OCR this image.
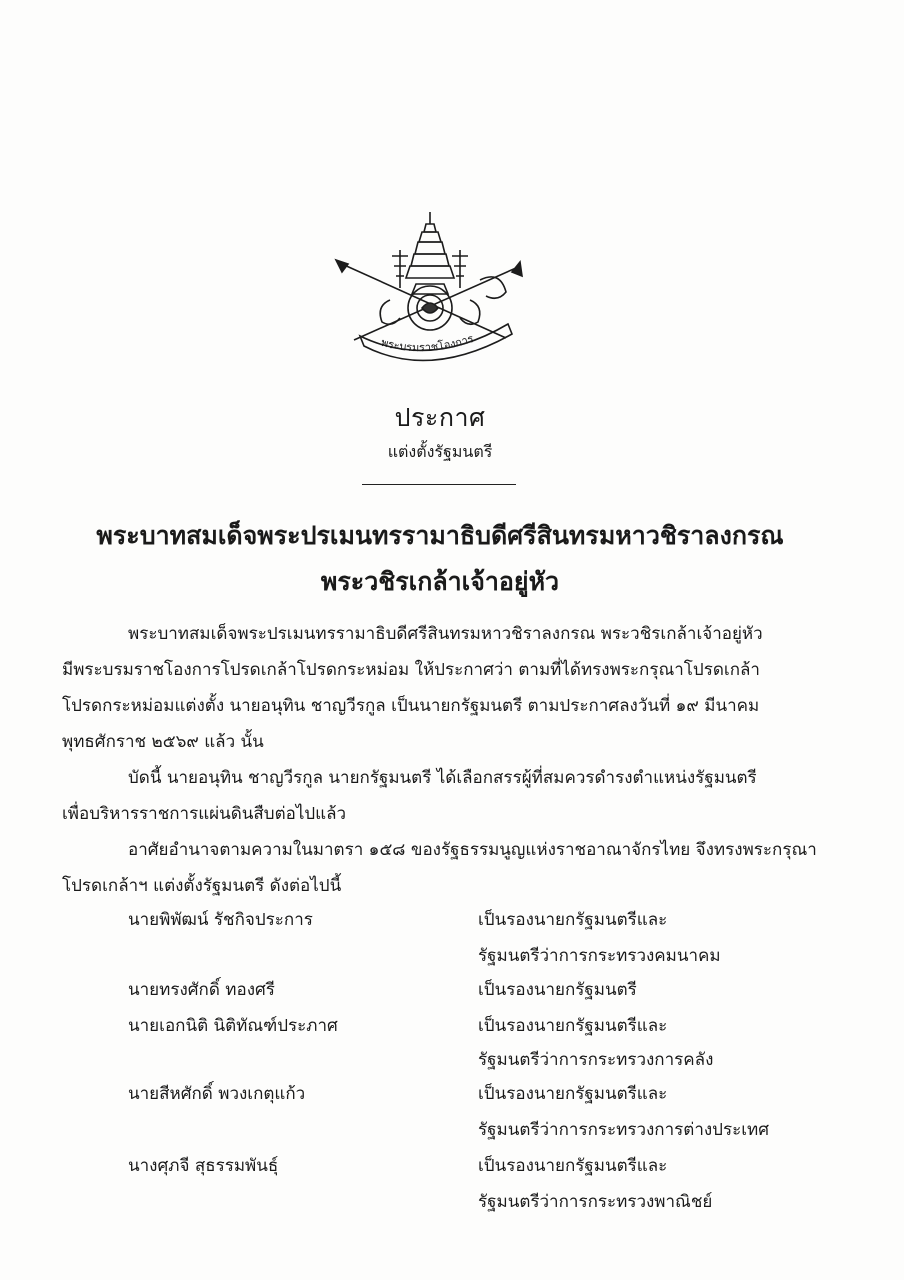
พระบรมราชโองการ
ประกาศ
แต่งตั้งรัฐมนตรี
พระบาทสมเด็จพระปรเมนทรรามาธิบดีศรีสินทรมหาวชิราลงกรณ
พระวชิรเกล้าเจ้าอยู่หัว
พระบาทสมเด็จพระปรเมนทรรามาธิบดีศรีสินทรมหาวชิราลงกรณ พระวชิรเกล้าเจ้าอยู่หัว
มีพระบรมราชโองการโปรดเกล้าโปรดกระหม่อม ให้ประกาศว่า ตามที่ได้ทรงพระกรุณาโปรดเกล้า
โปรดกระหม่อมแต่งตั้ง นายอนุทิน ชาญวีรกูล เป็นนายกรัฐมนตรี ตามประกาศลงวันที่ ๑๙ มีนาคม
พุทธศักราช ๒๕๖๙ แล้ว นั้น
บัดนี้ นายอนุทิน ชาญวีรกูล นายกรัฐมนตรี ได้เลือกสรรผู้ที่สมควรดำรงตำแหน่งรัฐมนตรี
เพื่อบริหารราชการแผ่นดินสืบต่อไปแล้ว
อาศัยอำนาจตามความในมาตรา ๑๕๘ ของรัฐธรรมนูญแห่งราชอาณาจักรไทย จึงทรงพระกรุณา
โปรดเกล้าฯ แต่งตั้งรัฐมนตรี ดังต่อไปนี้
นายพิพัฒน์ รัชกิจประการ	เป็นรองนายกรัฐมนตรีและ
รัฐมนตรีว่าการกระทรวงคมนาคม
นายทรงศักดิ์ ทองศรี	เป็นรองนายกรัฐมนตรี
นายเอกนิติ นิติทัณฑ์ประภาศ	เป็นรองนายกรัฐมนตรีและ
รัฐมนตรีว่าการกระทรวงการคลัง
นายสีหศักดิ์ พวงเกตุแก้ว	เป็นรองนายกรัฐมนตรีและ
รัฐมนตรีว่าการกระทรวงการต่างประเทศ
นางศุภจี สุธรรมพันธุ์	เป็นรองนายกรัฐมนตรีและ
รัฐมนตรีว่าการกระทรวงพาณิชย์
